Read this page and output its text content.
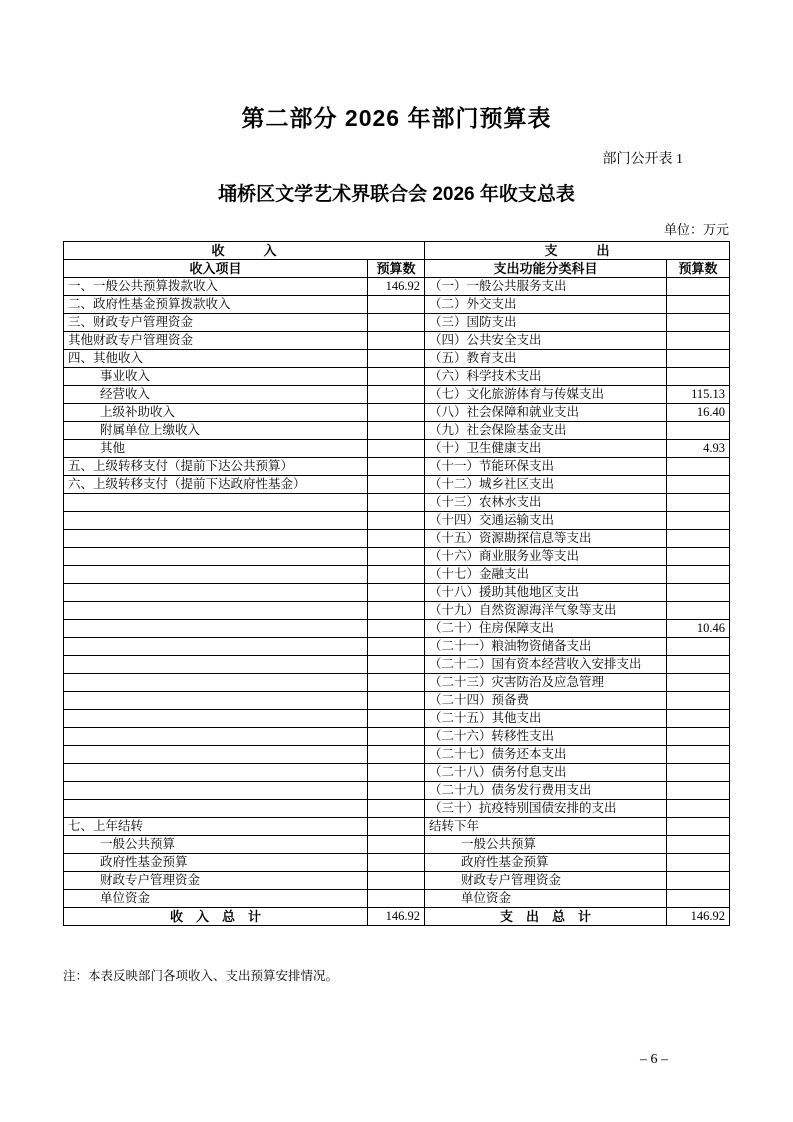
第二部分 2026 年部门预算表
部门公开表 1
埇桥区文学艺术界联合会 2026 年收支总表
单位：万元
收　　　入		支　　　出	
收入项目	预算数	支出功能分类科目	预算数
一、一般公共预算拨款收入	146.92	（一）一般公共服务支出	
二、政府性基金预算拨款收入		（二）外交支出	
三、财政专户管理资金		（三）国防支出	
其他财政专户管理资金		（四）公共安全支出	
四、其他收入		（五）教育支出	
事业收入		（六）科学技术支出	
经营收入		（七）文化旅游体育与传媒支出	115.13
上级补助收入		（八）社会保障和就业支出	16.40
附属单位上缴收入		（九）社会保险基金支出	
其他		（十）卫生健康支出	4.93
五、上级转移支付（提前下达公共预算）		（十一）节能环保支出	
六、上级转移支付（提前下达政府性基金）		（十二）城乡社区支出	
		（十三）农林水支出	
		（十四）交通运输支出	
		（十五）资源勘探信息等支出	
		（十六）商业服务业等支出	
		（十七）金融支出	
		（十八）援助其他地区支出	
		（十九）自然资源海洋气象等支出	
		（二十）住房保障支出	10.46
		（二十一）粮油物资储备支出	
		（二十二）国有资本经营收入安排支出	
		（二十三）灾害防治及应急管理	
		（二十四）预备费	
		（二十五）其他支出	
		（二十六）转移性支出	
		（二十七）债务还本支出	
		（二十八）债务付息支出	
		（二十九）债务发行费用支出	
		（三十）抗疫特别国债安排的支出	
七、上年结转		结转下年	
一般公共预算		一般公共预算	
政府性基金预算		政府性基金预算	
财政专户管理资金		财政专户管理资金	
单位资金		单位资金	
收　入　总　计	146.92	支　出　总　计	146.92
注：本表反映部门各项收入、支出预算安排情况。
– 6 –
